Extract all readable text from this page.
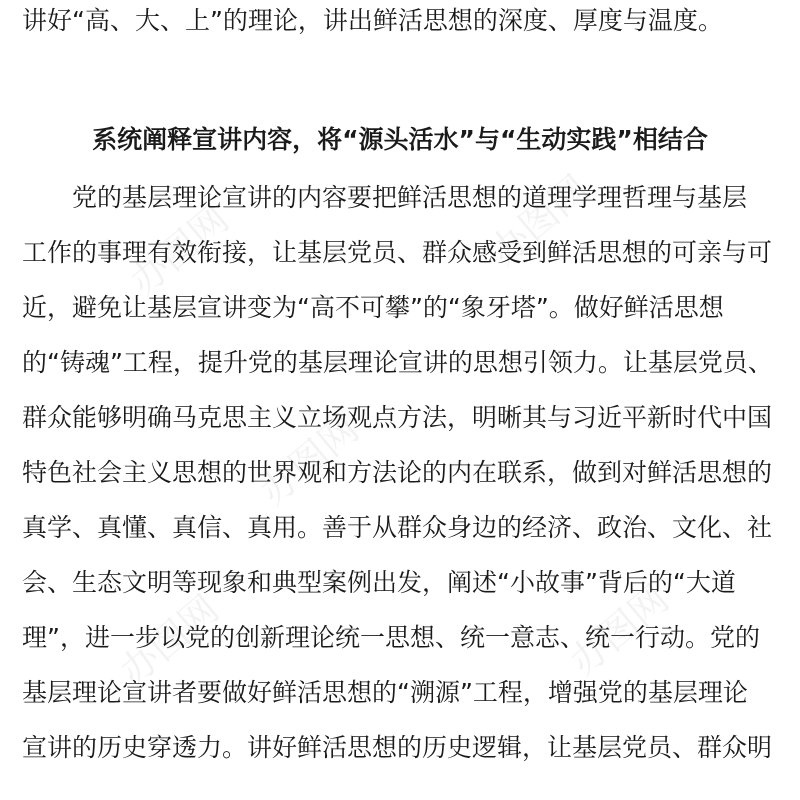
办图网	办图网
办图网
办图网
办图网
讲好“高、大、上”的理论，讲出鲜活思想的深度、厚度与温度。
系统阐释宣讲内容，将“源头活水”与“生动实践”相结合
　　党的基层理论宣讲的内容要把鲜活思想的道理学理哲理与基层
工作的事理有效衔接，让基层党员、群众感受到鲜活思想的可亲与可
近，避免让基层宣讲变为“高不可攀”的“象牙塔”。做好鲜活思想
的“铸魂”工程，提升党的基层理论宣讲的思想引领力。让基层党员、
群众能够明确马克思主义立场观点方法，明晰其与习近平新时代中国
特色社会主义思想的世界观和方法论的内在联系，做到对鲜活思想的
真学、真懂、真信、真用。善于从群众身边的经济、政治、文化、社
会、生态文明等现象和典型案例出发，阐述“小故事”背后的“大道
理”，进一步以党的创新理论统一思想、统一意志、统一行动。党的
基层理论宣讲者要做好鲜活思想的“溯源”工程，增强党的基层理论
宣讲的历史穿透力。讲好鲜活思想的历史逻辑，让基层党员、群众明
